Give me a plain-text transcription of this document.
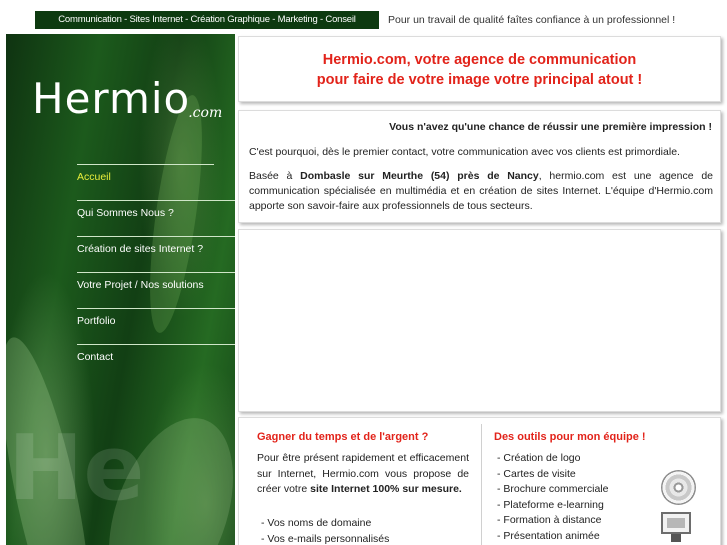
Communication - Sites Internet - Création Graphique - Marketing - Conseil	Pour un travail de qualité faîtes confiance à un professionnel !
He
Hermio.com
Accueil
Qui Sommes Nous ?
Création de sites Internet ?
Votre Projet / Nos solutions
Portfolio
Contact
Hermio.com, votre agence de communication
pour faire de votre image votre principal atout !
Vous n'avez qu'une chance de réussir une première impression !

C'est pourquoi, dès le premier contact, votre communication avec vos clients est primordiale.

Basée à Dombasle sur Meurthe (54) près de Nancy, hermio.com est une agence de communication spécialisée en multimédia et en création de sites Internet. L'équipe d'Hermio.com apporte son savoir-faire aux professionnels de tous secteurs.

Gagner du temps et de l'argent ?

Pour être présent rapidement et efficacement sur Internet, Hermio.com vous propose de créer votre site Internet 100% sur mesure.

- Vos noms de domaine
- Vos e-mails personnalisés
Des outils pour mon équipe !
- Création de logo
- Cartes de visite
- Brochure commerciale
- Plateforme e-learning
- Formation à distance
- Présentation animée
